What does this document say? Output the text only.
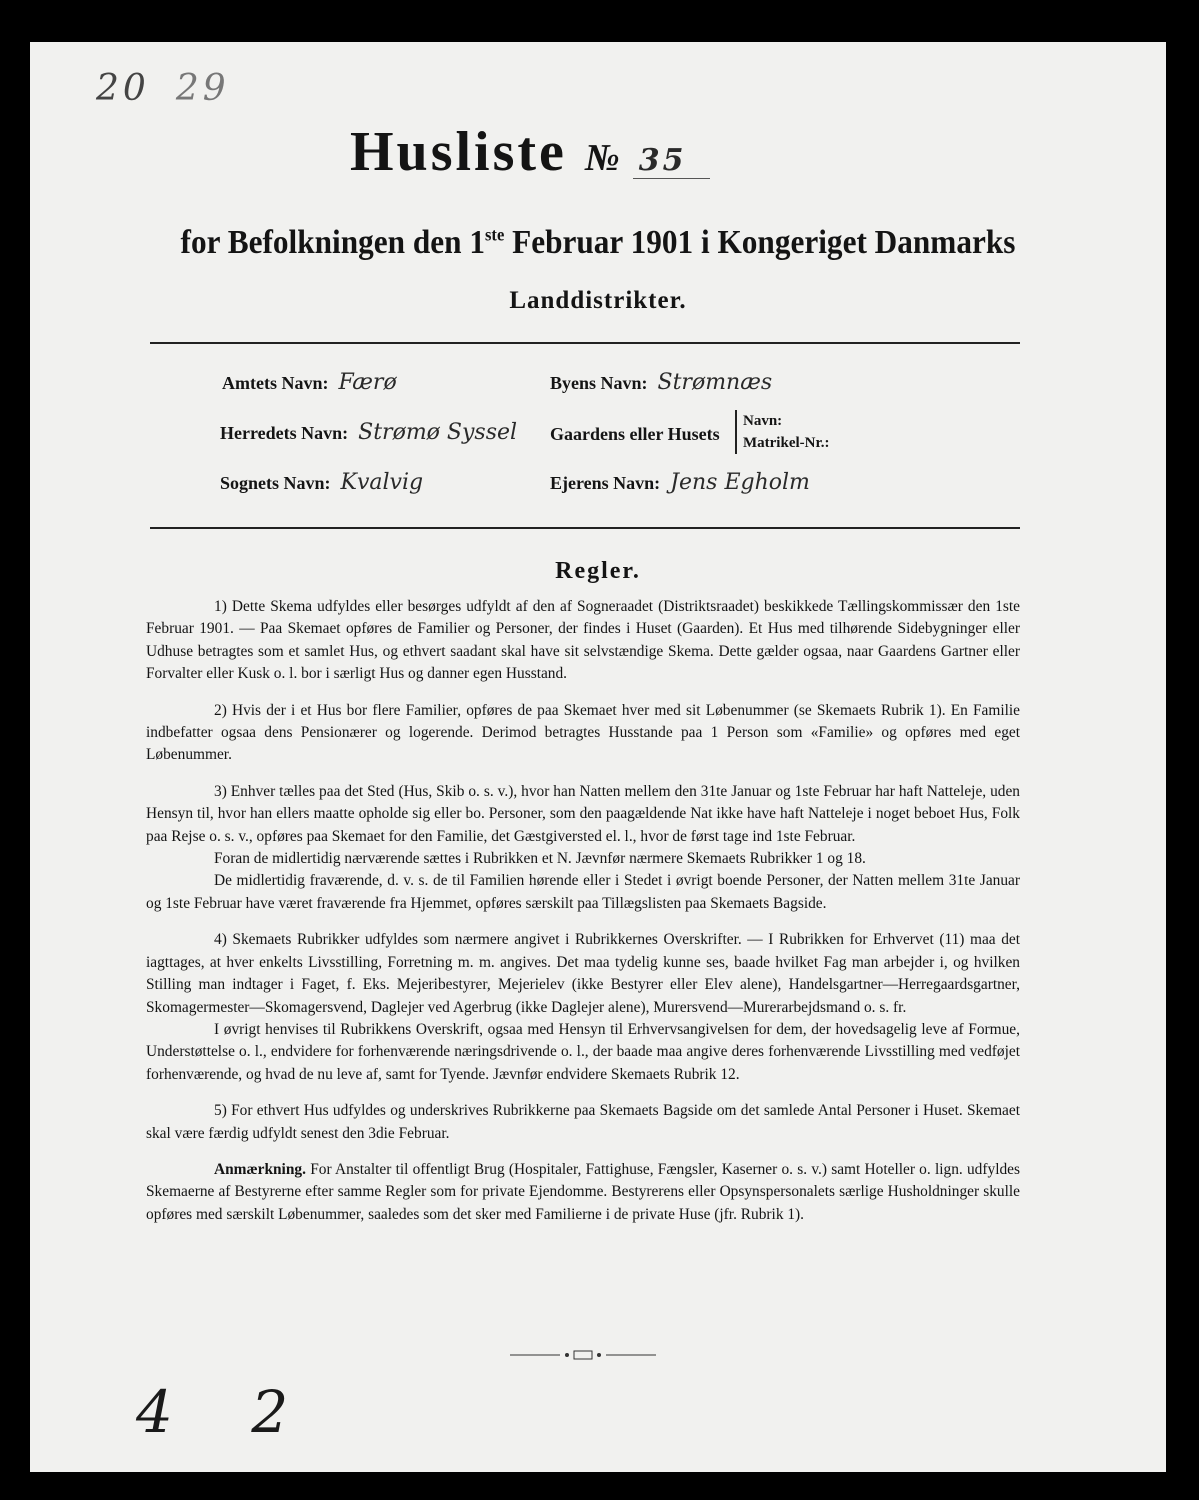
20 29
Husliste № 35
for Befolkningen den 1ste Februar 1901 i Kongeriget Danmarks
Landdistrikter.
Amtets Navn: Færø
Herredets Navn: Strømø Syssel
Sognets Navn: Kvalvig
Byens Navn: Strømnæs
Gaardens eller Husets
Navn:
Matrikel-Nr.:
Ejerens Navn: Jens Egholm
Regler.

1) Dette Skema udfyldes eller besørges udfyldt af den af Sogneraadet (Distriktsraadet) beskikkede Tællingskommissær den 1ste Februar 1901. — Paa Skemaet opføres de Familier og Personer, der findes i Huset (Gaarden). Et Hus med tilhørende Sidebygninger eller Udhuse betragtes som et samlet Hus, og ethvert saadant skal have sit selvstændige Skema. Dette gælder ogsaa, naar Gaardens Gartner eller Forvalter eller Kusk o. l. bor i særligt Hus og danner egen Husstand.

2) Hvis der i et Hus bor flere Familier, opføres de paa Skemaet hver med sit Løbenummer (se Skemaets Rubrik 1). En Familie indbefatter ogsaa dens Pensionærer og logerende. Derimod betragtes Husstande paa 1 Person som «Familie» og opføres med eget Løbenummer.

3) Enhver tælles paa det Sted (Hus, Skib o. s. v.), hvor han Natten mellem den 31te Januar og 1ste Februar har haft Natteleje, uden Hensyn til, hvor han ellers maatte opholde sig eller bo. Personer, som den paagældende Nat ikke have haft Natteleje i noget beboet Hus, Folk paa Rejse o. s. v., opføres paa Skemaet for den Familie, det Gæstgiversted el. l., hvor de først tage ind 1ste Februar.

Foran de midlertidig nærværende sættes i Rubrikken et N. Jævnfør nærmere Skemaets Rubrikker 1 og 18.

De midlertidig fraværende, d. v. s. de til Familien hørende eller i Stedet i øvrigt boende Personer, der Natten mellem 31te Januar og 1ste Februar have været fraværende fra Hjemmet, opføres særskilt paa Tillægslisten paa Skemaets Bagside.

4) Skemaets Rubrikker udfyldes som nærmere angivet i Rubrikkernes Overskrifter. — I Rubrikken for Erhvervet (11) maa det iagttages, at hver enkelts Livsstilling, Forretning m. m. angives. Det maa tydelig kunne ses, baade hvilket Fag man arbejder i, og hvilken Stilling man indtager i Faget, f. Eks. Mejeribestyrer, Mejerielev (ikke Bestyrer eller Elev alene), Handelsgartner—Herregaardsgartner, Skomagermester—Skomagersvend, Daglejer ved Agerbrug (ikke Daglejer alene), Murersvend—Murerarbejdsmand o. s. fr.

I øvrigt henvises til Rubrikkens Overskrift, ogsaa med Hensyn til Erhvervsangivelsen for dem, der hovedsagelig leve af Formue, Understøttelse o. l., endvidere for forhenværende næringsdrivende o. l., der baade maa angive deres forhenværende Livsstilling med vedføjet forhenværende, og hvad de nu leve af, samt for Tyende. Jævnfør endvidere Skemaets Rubrik 12.

5) For ethvert Hus udfyldes og underskrives Rubrikkerne paa Skemaets Bagside om det samlede Antal Personer i Huset. Skemaet skal være færdig udfyldt senest den 3die Februar.

Anmærkning. For Anstalter til offentligt Brug (Hospitaler, Fattighuse, Fængsler, Kaserner o. s. v.) samt Hoteller o. lign. udfyldes Skemaerne af Bestyrerne efter samme Regler som for private Ejendomme. Bestyrerens eller Opsynspersonalets særlige Husholdninger skulle opføres med særskilt Løbenummer, saaledes som det sker med Familierne i de private Huse (jfr. Rubrik 1).

4 2
